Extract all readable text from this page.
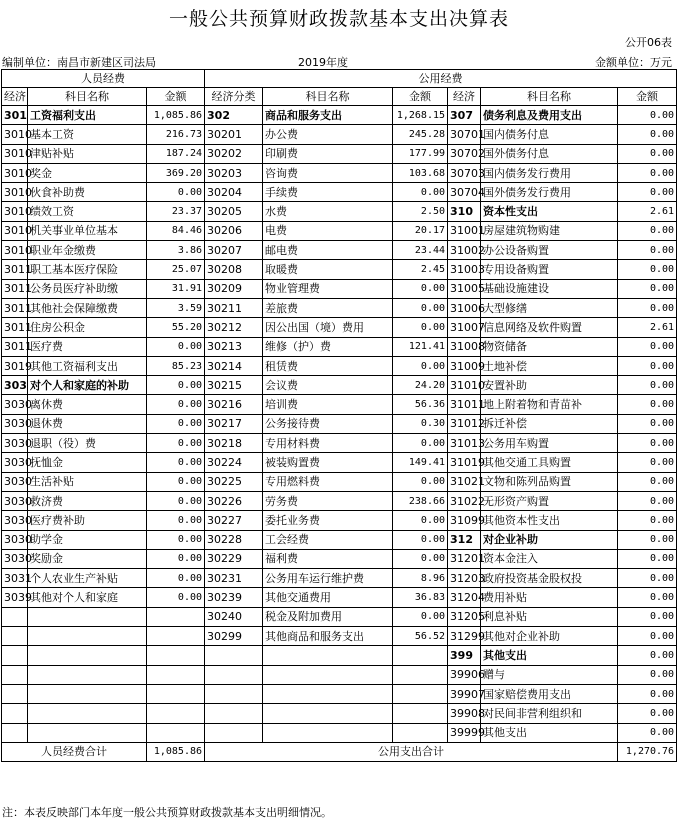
一般公共预算财政拨款基本支出决算表
公开06表
编制单位：南昌市新建区司法局	2019年度	金额单位：万元
人员经费			公用经费					
经济	科目名称	金额	经济分类	科目名称	金额	经济	科目名称	金额
301	工资福利支出	1,085.86	302	商品和服务支出	1,268.15	307	债务利息及费用支出	0.00
3010	基本工资	216.73	30201	办公费	245.28	30701	国内债务付息	0.00
3010	津贴补贴	187.24	30202	印刷费	177.99	30702	国外债务付息	0.00
3010	奖金	369.20	30203	咨询费	103.68	30703	国内债务发行费用	0.00
3010	伙食补助费	0.00	30204	手续费	0.00	30704	国外债务发行费用	0.00
3010	绩效工资	23.37	30205	水费	2.50	310	资本性支出	2.61
3010	机关事业单位基本	84.46	30206	电费	20.17	31001	房屋建筑物购建	0.00
3010	职业年金缴费	3.86	30207	邮电费	23.44	31002	办公设备购置	0.00
3011	职工基本医疗保险	25.07	30208	取暖费	2.45	31003	专用设备购置	0.00
3011	公务员医疗补助缴	31.91	30209	物业管理费	0.00	31005	基础设施建设	0.00
3011	其他社会保障缴费	3.59	30211	差旅费	0.00	31006	大型修缮	0.00
3011	住房公积金	55.20	30212	因公出国（境）费用	0.00	31007	信息网络及软件购置	2.61
3011	医疗费	0.00	30213	维修（护）费	121.41	31008	物资储备	0.00
3019	其他工资福利支出	85.23	30214	租赁费	0.00	31009	土地补偿	0.00
303	对个人和家庭的补助	0.00	30215	会议费	24.20	31010	安置补助	0.00
3030	离休费	0.00	30216	培训费	56.36	31011	地上附着物和青苗补	0.00
3030	退休费	0.00	30217	公务接待费	0.30	31012	拆迁补偿	0.00
3030	退职（役）费	0.00	30218	专用材料费	0.00	31013	公务用车购置	0.00
3030	抚恤金	0.00	30224	被装购置费	149.41	31019	其他交通工具购置	0.00
3030	生活补贴	0.00	30225	专用燃料费	0.00	31021	文物和陈列品购置	0.00
3030	救济费	0.00	30226	劳务费	238.66	31022	无形资产购置	0.00
3030	医疗费补助	0.00	30227	委托业务费	0.00	31099	其他资本性支出	0.00
3030	助学金	0.00	30228	工会经费	0.00	312	对企业补助	0.00
3030	奖励金	0.00	30229	福利费	0.00	31201	资本金注入	0.00
3031	个人农业生产补贴	0.00	30231	公务用车运行维护费	8.96	31203	政府投资基金股权投	0.00
3039	其他对个人和家庭	0.00	30239	其他交通费用	36.83	31204	费用补贴	0.00
			30240	税金及附加费用	0.00	31205	利息补贴	0.00
			30299	其他商品和服务支出	56.52	31299	其他对企业补助	0.00
						399	其他支出	0.00
						39906	赠与	0.00
						39907	国家赔偿费用支出	0.00
						39908	对民间非营利组织和	0.00
						39999	其他支出	0.00
人员经费合计		1,085.86	公用支出合计					1,270.76
注：本表反映部门本年度一般公共预算财政拨款基本支出明细情况。
